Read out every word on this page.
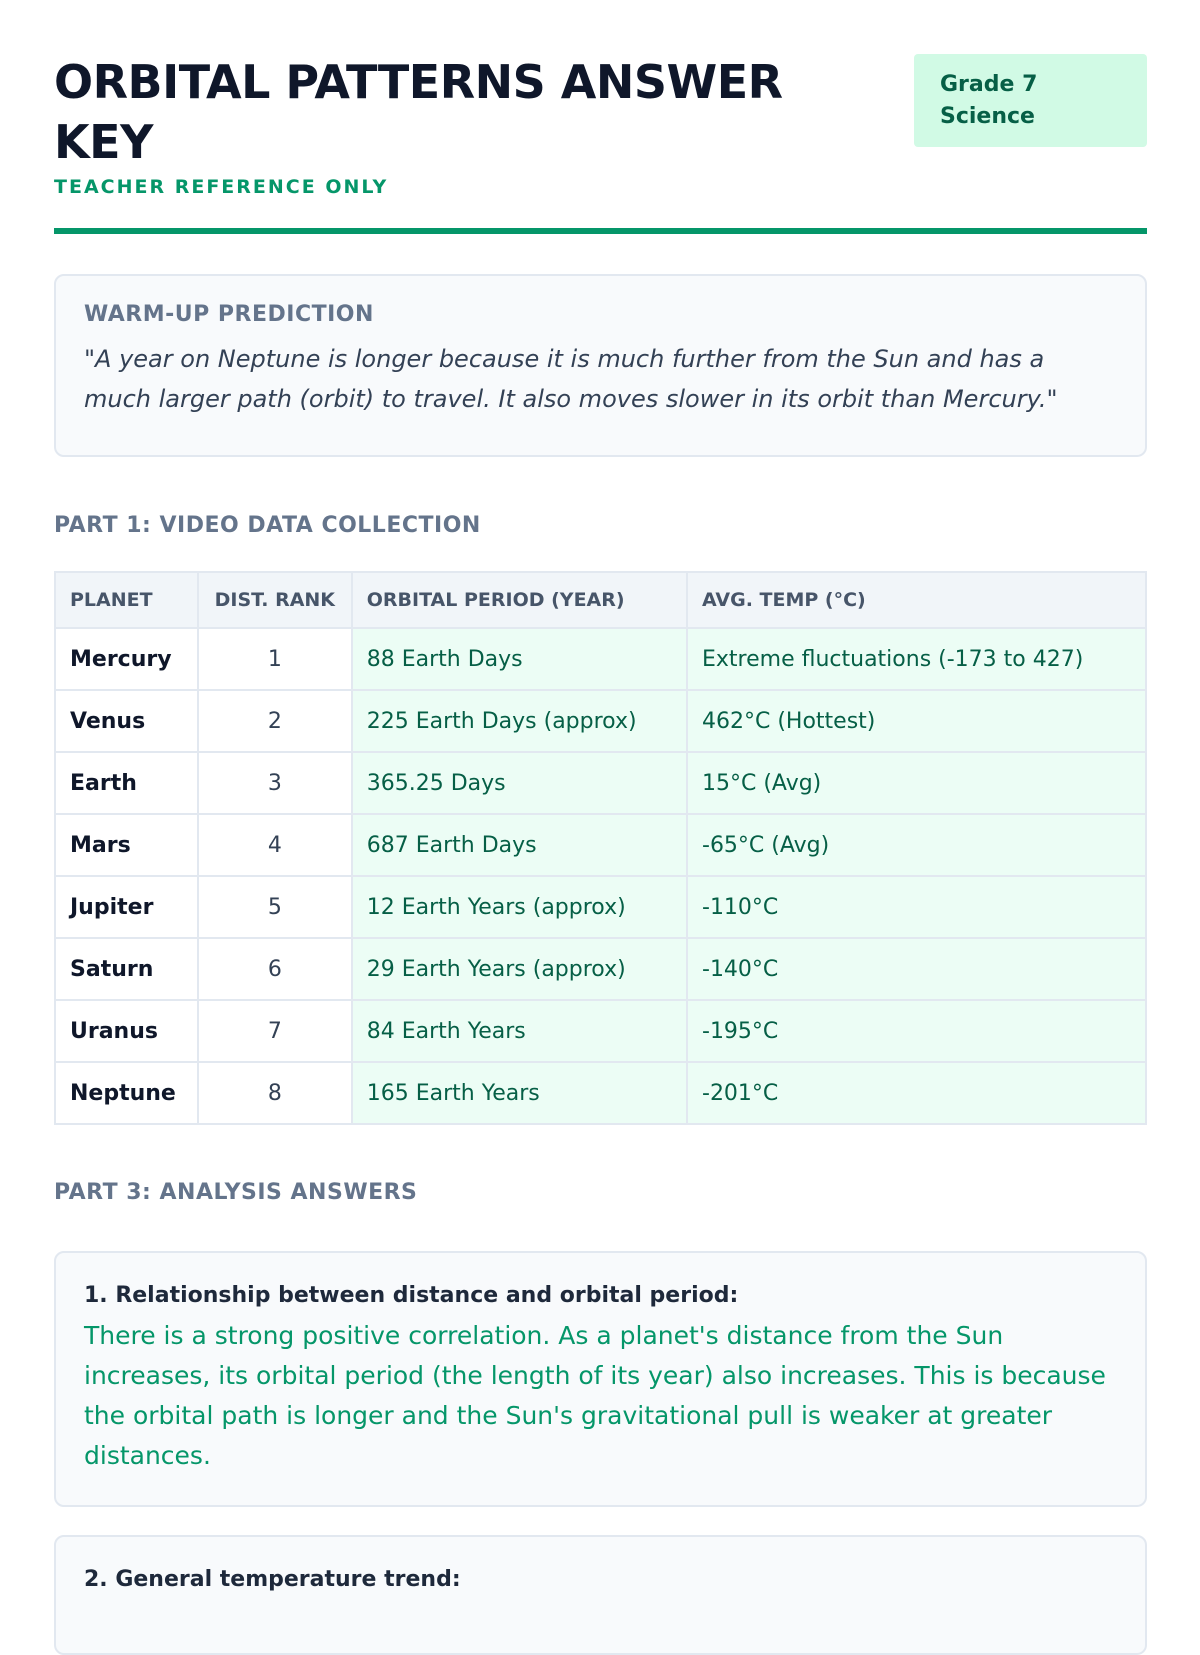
ORBITAL PATTERNS ANSWER KEY
TEACHER REFERENCE ONLY
Grade 7 Science
WARM-UP PREDICTION

"A year on Neptune is longer because it is much further from the Sun and has a much larger path (orbit) to travel. It also moves slower in its orbit than Mercury."

PART 1: VIDEO DATA COLLECTION
PLANET	DIST. RANK	ORBITAL PERIOD (YEAR)	AVG. TEMP (°C)
Mercury	1	88 Earth Days	Extreme fluctuations (-173 to 427)
Venus	2	225 Earth Days (approx)	462°C (Hottest)
Earth	3	365.25 Days	15°C (Avg)
Mars	4	687 Earth Days	-65°C (Avg)
Jupiter	5	12 Earth Years (approx)	-110°C
Saturn	6	29 Earth Years (approx)	-140°C
Uranus	7	84 Earth Years	-195°C
Neptune	8	165 Earth Years	-201°C
PART 3: ANALYSIS ANSWERS
1. Relationship between distance and orbital period:

There is a strong positive correlation. As a planet's distance from the Sun increases, its orbital period (the length of its year) also increases. This is because the orbital path is longer and the Sun's gravitational pull is weaker at greater distances.

2. General temperature trend:
